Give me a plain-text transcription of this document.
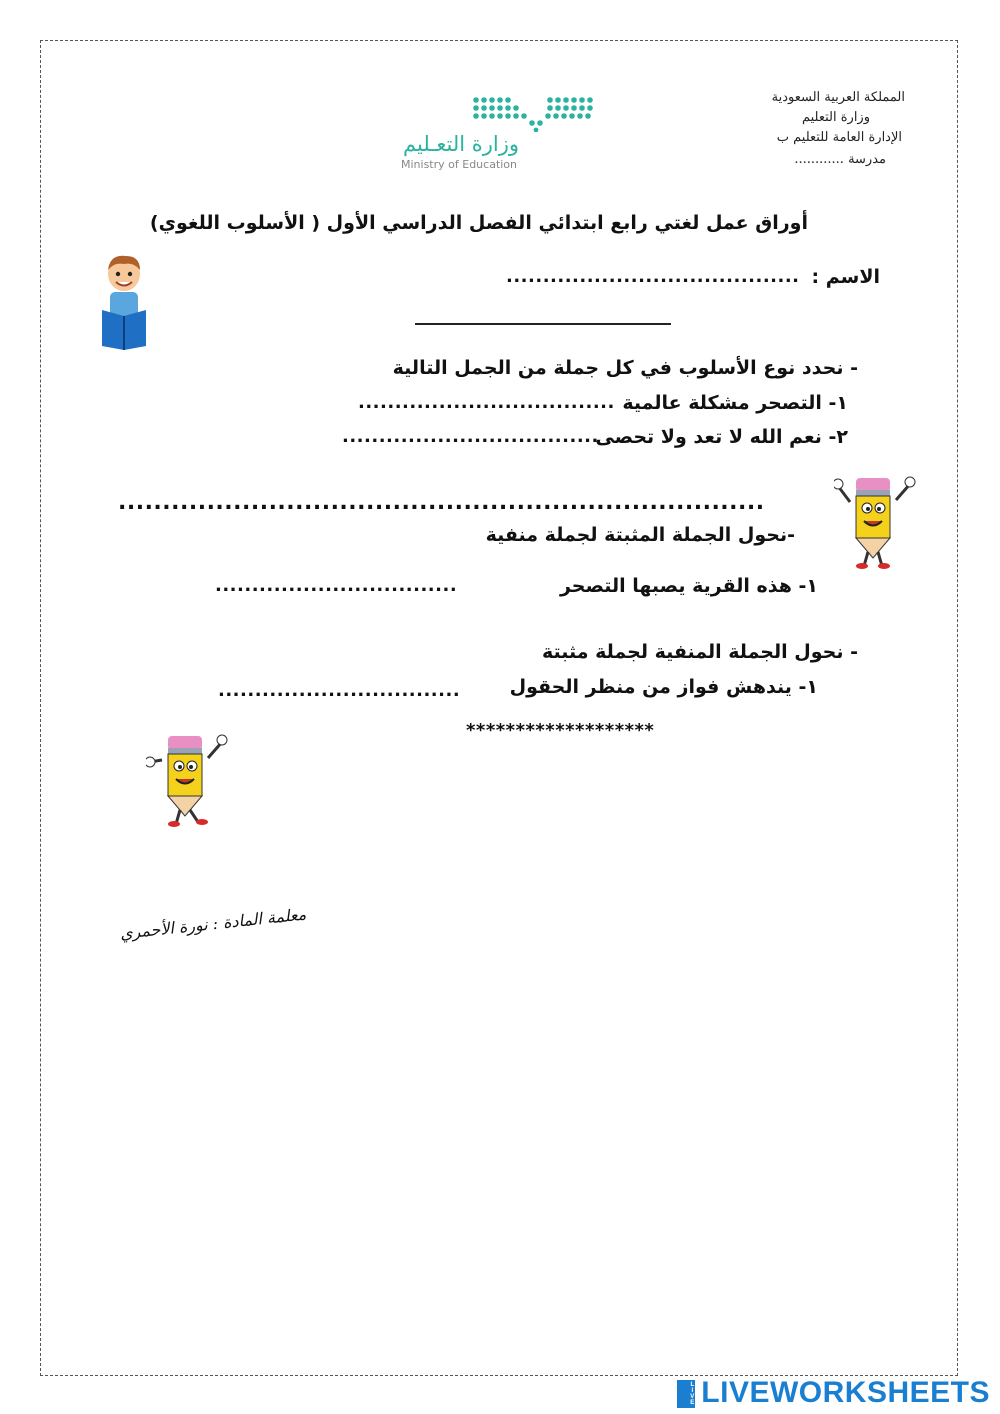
المملكة العربية السعودية
وزارة التعليم
الإدارة العامة للتعليم ب
مدرسة ............
وزارة التعـليم
Ministry of Education
أوراق عمل لغتي رابع ابتدائي الفصل الدراسي الأول ( الأسلوب اللغوي)
الاسم :
........................................
- نحدد نوع الأسلوب في كل جملة من الجمل التالية
١- التصحر مشكلة عالمية
...................................
٢- نعم الله لا تعد ولا تحصى
...................................
.........................................................................
-نحول الجملة المثبتة لجملة منفية
١- هذه القرية يصبها التصحر
.................................
- نحول الجملة المنفية لجملة مثبتة
١- يندهش فواز من منظر الحقول
.................................
*******************
معلمة المادة : نورة الأحمري
LIVE LIVEWORKSHEETS
